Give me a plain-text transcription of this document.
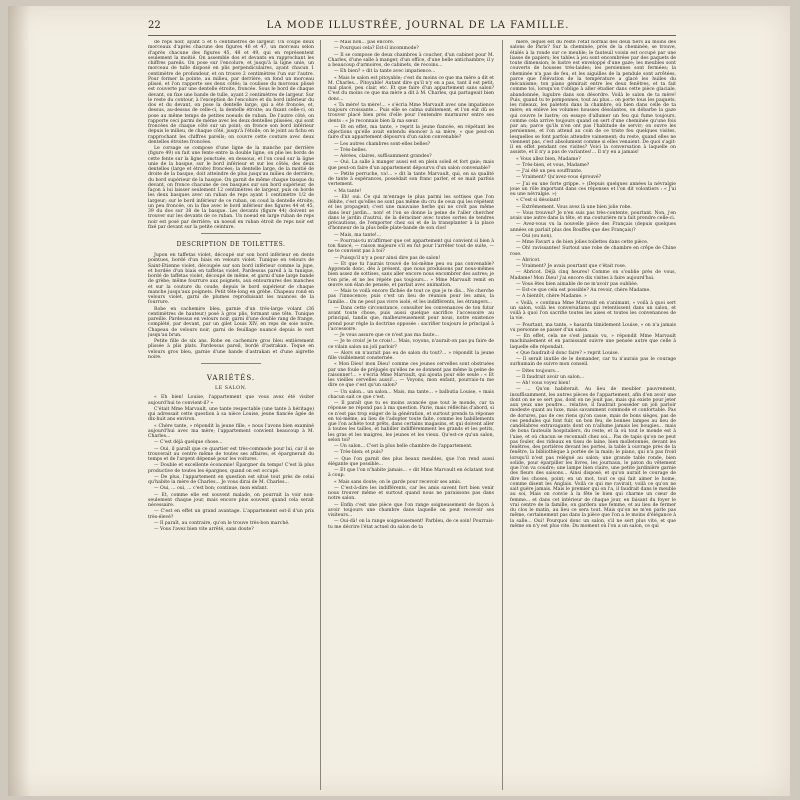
22	LA MODE ILLUSTRÉE, JOURNAL DE LA FAMILLE.

de reps noir, ayant 5 et 6 centimètres de largeur. Un coupe deux morceaux d'après chacune des figures 46 et 47, un morceau selon d'après chacune des figures 45, 48 et 49, qui en représentent seulement la moitié. On assemble dos et devants en rapprochant les chiffres pareils. On pose sur l'encolure, et jusqu'à la ligne unie, un morceau de tulle disposé en plis perpendiculaires, ayant chacun 1 centimètre de profondeur, et on trouve 2 centimètres l'un sur l'autre. Pour former la pointe, au milieu, par derrière, on fond un morceau plissé, et l'on rapporte ses deux côtés; la coulisse du morceau plissé est couverte par une dentelle étroite, froncée. Sous le bord de chaque devant, on fixe une bande de tulle, ayant 2 centimètres de largeur. Sur le reste du contour, à l'exception de l'encolure et du bord inférieur du dos et du devant, on pose la dentelle large, qui a été froncée, et, dessus, au-dessus de celle-ci, la dentelle étroite; au fixant celle-ci, on pose au même temps de petites noeuds de ruban. De l'autre côté, on rapporte ceci parmi de même avec les deux dentelles plissées, qui sont froncées de chaque côté sur un point; on fronce son bord inférieur depuis le milieu, de chaque côté, jusqu'à l'étoile; on le joint au fichu en rapprochant les chiffres pareils; on couvre cette couture avec deux dentelles étroites froncées.

Le corsage se compose d'une ligne de la manche par derrière (figure 49) on fait une fente entre la double ligne, on plie les bords de cette fente sur la ligne ponctuée, en dessous, et l'on coud sur la ligne unie de la basque, sur le bord inférieur et sur les côtés, des deux dentelles (large et étroite) froncées; la dentelle large, de la moitié de droite de la basque, doit atteindre de plus jusqu'au milieu de derrière, du bord supérieur de la basque. On garnit de même chaque basque du devant, on fronce chacune de ces basques sur son bord supérieur, de façon à lui laisser seulement 12 centimètres de largeur, puis on borde les deux basques avec un ruban de reps ayant 1 centimètre 1/2 de largeur; sur le bord inférieur de ce ruban, on coud la dentelle étroite, un peu froncée, on la fixe avec le bord inférieur des figures 44 et 45, 39 du dos sur 38 de la basque. Les devants (figure 44) doivent se trouver sur les devants de ce ruban. Un noeud en large ruban de reps noir est posé par derrière; un noeud en ruban étroit de reps noir est fixé par devant sur la petite ceinture.

DESCRIPTION DE TOILETTES.

Jupon en taffetas violet, découpé sur son bord inférieur en dents pointues, bordé d'un biais en velours violet. Tunique en velours de Saint-Etienne violet, découpée sur son bord inférieur comme la jupe, et bordée d'un biais en taffetas violet. Pardessus pareil à la tunique, bordé de taffetas violet, découpé de même, et garni d'une large bande de grèbe; même fourrure aux poignets, aux entournures des manches et sur la couture du coude, depuis le bord supérieur de chaque manche jusqu'aux poignets. Petit tête-long en grèbe. Chapeau rond en velours violet, garni de plumes reproduisant les nuances de la fourrure.

Robe en cachemire bleu, garnie d'un très-large volant (36 centimètres de hauteur) posé à gros plis, formant une tête. Tunique pareille. Pardessus en velours noir, garni d'une double rang de frange, complété, par devant, par un gilet Louis XIV, en reps de soie noire. Chapeau de velours noir, garni de feuillage nuancé depuis le vert jusqu'au brun.

Petite fille de six ans. Robe en cachemire gros bleu entièrement plissée à plis plats. Pardessus pareil, bordé d'astrakan. Toque en velours gros bleu, garnie d'une bande d'astrakan et d'une aigrette noire.

VARIÉTÉS.
LE SALON.

« Eh bien! Louise, l'appartement que vous avez été visiter aujourd'hui te convient-il? »

C'était Mme Marvault, une tante respectable (une tante à héritage) qui adressait cette question à sa nièce Louise, jeune fiancée âgée de dix-huit ans environ.

« Chère tante, » répondit la jeune fille, « nous l'avons bien examiné aujourd'hui avec ma mère; l'appartement convient beaucoup à M. Charles...

— C'est déjà quelque chose...

— Oui, il paraît que ce quartier est très-commode pour lui, car il se trouverait au centre même de toutes ses affaires, et épargnerait du temps et de l'argent dépensé pour les voitures.

— Double et excellente économie! Épargner du temps! C'est là plus productive de toutes les épargnes, quand on est occupé.

— De plus, l'appartement en question est situé tout près de celui qu'habite la mère de Charles... Je vous dirai de M. Charles...

— Oui, ... oui, ... c'est bon; continue, mon enfant.

— Et, comme elle est souvent malade, on pourrait la voir non-seulement chaque jour, mais encore plus souvent quand cela serait nécessaire.

— C'est en effet un grand avantage. L'appartement est-il d'un prix très-élevé?

— Il paraît, au contraire, qu'on le trouve très-bon marché.

— Vous l'avez bien vite arrêté, sans doute?

— Mais non... pas encore.

— Pourquoi cela? Est-il incommode?

— Il se compose de deux chambres à coucher, d'un cabinet pour M. Charles, d'une salle à manger, d'un office, d'une belle antichambre; il y a beaucoup d'armoires, de cabinets, de recoins...

— Eh bien? » dit la tante avec impatience...

« Mais le salon est pitoyable; c'est du moins ce que ma mère a dit et M. Charles... Pitoyable! Autant dire qu'il n'y en a pas, tant il est petit, mal placé, peu clair, etc. Et que faire d'un appartement sans salon? C'est du moins ce que ma mère a dit à M. Charles, qui partageait bien donc...

« Ta mère! ta mère!... » s'écria Mme Marvault avec une impatience toujours croissante... Puis elle se calma subitement, et l'on eût dû se trouver placé bien près d'elle pour l'entendre murmurer entre ses dents : « Je reconnais bien là ma sœur.

— Et en effet, ma tante, » reprit la jeune fiancée, en répétant les objections qu'elle avait entendu énoncer à sa mère, « que peut-on faire d'un appartement dépourvu d'un salon convenable?

— Les autres chambres sont-elles belles?

— Très-belles.

— Aérées, claires, suffisamment grandes?

— Oui. La salle à manger aussi est en plein soleil et fort gaie; mais que peut-on faire d'un appartement dépourvu d'un salon convenable?

— Petite perruche, va!... » dit la tante Marvault, qui, en sa qualité de tante à espérances, possédait son franc parler, et se mait parfois vertement.

« Ma tante!

— Eh! oui. Ce qui m'enrage le plus parmi les sottises que l'on débite, c'est qu'elles ne sont pas même du cru de ceux qui les répètent et les propagent; c'est une mauvaise herbe qui ne croît pas même dans leur jardin... non! et l'on se donne la peine de l'aller chercher dans le jardin d'autrui, de la déraciner avec toutes sortes de tendres précautions, de l'emporter chez soi et de la transplanter à la place d'honneur de la plus belle plate-bande de son clos!

— Mais, ma tante!...

— Pourrais-tu m'affirmer que cet appartement qui convient si bien à ton fiancé, — raison majeure s'il en fut pour l'arrêter tout de suite, — ne te convient pas à toi?

— Puisqu'il n'y a pour ainsi dire pas de salon!

— Et que tu l'aurais trouvé de toi-même peu ou pas convenable? Apprends donc, dès à présent, que nous produisons par nous-mêmes bien assez de sottises, sans aller encore nous encombrer des autres; je t'en prie, et ne les répète pas toujours... » Mme Marvault remit en œuvre son élan de pensée, et parlait avec animation.

— Mais te voilà encore fâchée de tout ce que je te dis... Ne cherche pas l'innocence; puis c'est un lieu de réunion pour les amis, la famille... On ne peut pas vivre isolé, et les indifférents, les étrangers...

— Dans cette circonstance, consulter les convenances de ton futur avant toute chose, puis aussi quelque sacrifice l'accessoire au principal, tandis que, malheureusement pour nous, notre existence prend pour règle la doctrine opposée : sacrifier toujours le principal à l'accessoire.

— Je vous assure que ce n'est pas ma faute...

— Je te crois! je te crois!... Mais, voyons, n'aurait-on pas pu faire de ce vilain salon un joli parloir?

— Alors on n'aurait pas eu de salon du tout?... » répondit la jeune fille visiblement consternée.

« Mon Dieu! mon Dieu! comme ces jeunes cervelles sont obstruées par une foule de préjugés qu'elles ne se donnent pas même la peine de raisonner!... » s'écria Mme Marvault, qui ajouta pour elle seule : « Et les vieilles cervelles aussi!... — Voyons, mon enfant, pourrais-tu me dire ce que c'est qu'un salon?

— Un salon... un salon... Mais, ma tante... » balbutia Louise, « mais chacun sait ce que c'est.

— Il paraît que tu es moins avancée que tout le monde, car ta réponse ne répond pas à ma question. Parie, mais réfléchis d'abord, si ce n'est pas trop exiger de la génération, et surtout prends ta réponse en toi-même, au lieu de l'adopter toute faite, comme les habillements que l'on achète tout prêts, dans certains magasins, et qui doivent aller à toutes les tailles, et habiller indifféremment les grands et les petits, les gras et les maigres, les jeunes et les vieux. Qu'est-ce qu'un salon, selon toi?

— Un salon... C'est la plus belle chambre de l'appartement.

— Très-bien; et puis?

— Que l'on garnit des plus beaux meubles, que l'on rend aussi élégante que possible...

— Et que l'on n'habite jamais... » dit Mme Marvault en éclatant tout à coup.

« Mais sans doute; on le garde pour recevoir ses amis.

— C'est-à-dire les indifférents, car les amis savent fort bien venir nous trouver même et surtout quand nous ne paraissons pas dans notre salon.

— Enfin c'est une pièce que l'on range soigneusement de façon à avoir toujours une chambre dans laquelle on peut recevoir ses visiteurs...

— Oui-dà! on la range soigneusement! Parbleu, de ce soin! Pourrais-tu me décrire l'état actuel du salon de ta

mère, lequel est du reste l'état normal des deux tiers au moins des salons de Paris? Sur la cheminée, près de la cheminée, se trouve, étalés à la ronde sur ce meuble; le fauteuil voisin est occupé par une liasse de papiers; les tables à jeu sont encombrées par des paquets de toute dimension; le lustre est enveloppé d'une gaze; les meubles sont couverts de housses très-laides; les persiennes sont fermées; la cheminée n'a pas de feu, et les aiguilles de la pendule sont arrêtées, parce que l'élévation de la température a glacé les huiles du mécanisme; ton piano gémirait entre les deux fenêtres, et ta fait comme toi, lorsqu'on t'oblige à aller étudier dans cette pièce glaciale, abandonnée, lugubre dans son désordre. Voilà le salon de ta mère! Puis, quand tu te pomponnes, tout au plus... on porte tous les paquets, les rideaux, les paletots dans la chambre, où bien dans celle de ta mère; en enlève les volumes housses désolantes, on débarbe la gaze qui couvre le lustre; on essaye d'allumer un feu qui fume toujours, comme cela arrive toujours quand on sert d'une cheminée qu'une fois par an; parce qu'ils n'en ont pas l'habitude de servir; on ouvre les persiennes, et l'on attend au coin de ce triste feu quelques visites, lesquelles se font parfois attendre vainement; du reste, quand elles ne viennent pas, c'est absolument comme si elles venaient. De quoi s'agit-il en effet pendant ces visites? Voici la conversation à laquelle on assiste, et il n'y a pas de variantes!... Il n'y en a jamais!

« Vous allez bien, Madame?

— Très-bien, et vous, Madame?

— J'ai été un peu souffrante.

— Vraiment? Qu'avez-vous éprouvé?

— J'ai eu une forte grippe. » (Depuis quelques années la névralgie joue un rôle important dans ces réponses et l'on dit volontiers : « J'ai eu une névralgie. »)

« C'est si désolant!

— Extrêmement. Vous avez là une bien jolie robe.

— Vous trouvez? Je n'en suis pas très-contente, pourtant. Non, j'en avais une autre dans la tête, et ma couturière m'a fait prendre celle-ci.

— Avez-vous vu la nouvelle pièce des Français (depuis quelques années on parlait plus des Bouffes que des Français)?

— Oui (ou non).

— Mme Favart a de bien jolies toilettes dans cette pièce.

— Oh! ravissantes! Surtout une robe de chambre en crêpe de Chine rose.

— Abricot.

— Vraiment? Je avais pourtant que c'était rose.

— Abricot. Déjà cinq heures! Comme on s'oublie près de vous, Madame! Mon Dieu! j'ai encore dix visites à faire aujourd'hui.

— Vous êtes bien aimable de ne m'avoir pas oubliée.

— Est-ce que cela est possible? Au revoir, chère Madame.

— A bientôt, chère Madame. »

« Voilà, » continua Mme Marvault en s'animant, « voilà à quoi sert un salon, voilà les conversations qui retentissent dans un salon, et voilà à quoi l'on sacrifie toutes les aises et toutes les convenances de la vie.

— Pourtant, ma tante, » hasarda timidement Louise, « on n'a jamais vu personne se passer d'un salon.

— En effet, cela ne s'est jamais vu, » répondit Mme Marvault machinalement et en paraissant suivre une pensée autre que celle à laquelle elle répondait.

« Que faudrait-il donc faire? » reprit Louise.

— Il serait inutile de le demander, car tu n'aurais pas le courage surhumain de suivre mon conseil.

— Dites toujours...

— Il faudrait avoir un salon...

— Ah! vous voyez bien!

— ... Qu'on habiterait. Au lieu de meubler pauvrement, insuffisamment, les autres pièces de l'appartement, afin d'en avoir une dont on ne se sert pas, dont on ne jouit pas, mais qui existe pour jeter aux yeux une poudre... relative, il faudrait posséder un joli parloir modeste quant au luxe, mais savamment commode et confortable. Pas de dorures, pas de ces riens qu'on casse, mais de bons sièges, pas de ces pendules qui font fuir, un bon feu, de bonnes lampes au lieu de candélabres extravagants dont on n'allume jamais les bougies... mais de bons fauteuils hospitaliers, du reste, et là où tout le monde est à l'aise, et où chacun se reconnaît chez soi... Pas de tapis qu'on ne peut pas fouler, des rideaux en tissu de laine, bien molletonnés, devant les fenêtres, des portières devant les portes, la table à ouvrage près de la fenêtre, la bibliothèque à portée de la main; le piano, qui n'a pas froid lorsqu'il n'est pas relégué au salon; une grande table ronde, bien solide, pour éparpiller les livres, les journaux, le paton du vêtement que l'on va coudre; une lampe bien claire, une petite jardinière garnie des fleurs des saisons... Ainsi disposé, et qu'on aurait le courage de dire les choses, point; en un mot, tout ce qui fait aimer le home, comme disent les Anglais. Voilà ce qui me ravirait, voilà ce qu'on ne sait guère jamais. Mais le premier qui on l'a, il faudrait dans le meuble au soi, Mais on convie à la fête le bien qui charme un cœur de femme... et dans cet intérieur de chaque jour, en faisant du foyer le vrai centre de la famille, on gardera une femme, et au lieu de fermer du clos le matin, au lieu ce sera tout. Mais qu'on ne m'en parle pas même, certainement pas dans la pièce que l'on a le moins d'élégance à la salle... Oui! Pourquoi donc un salon, s'il ne sert plus vite, et que même on n'y est plus vite. Du moment où l'on a un salon, ce qui
